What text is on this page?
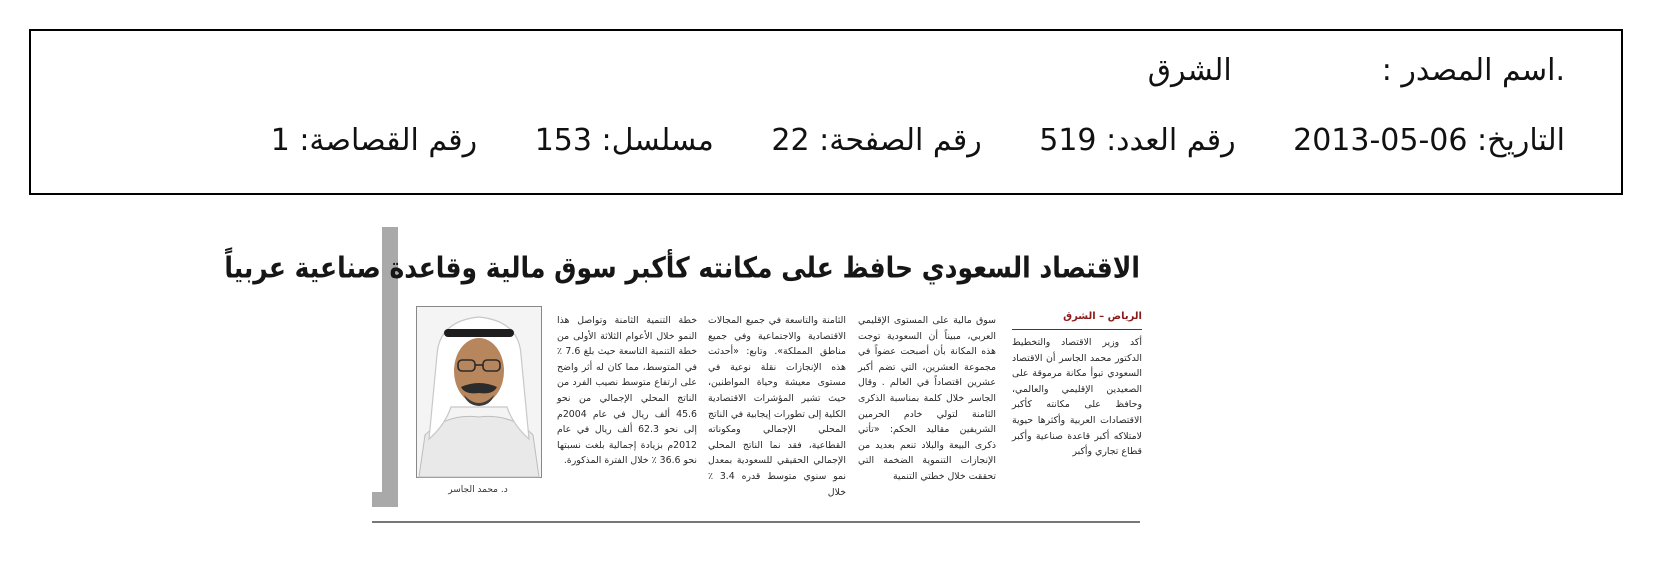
.اسم المصدر :الشرق
التاريخ: 2013-05-06 رقم العدد: 519 رقم الصفحة: 22 مسلسل: 153 رقم القصاصة: 1
الاقتصاد السعودي حافظ على مكانته كأكبر سوق مالية وقاعدة صناعية عربياً
الرياض – الشرق
أكد وزير الاقتصاد والتخطيط الدكتور محمد الجاسر أن الاقتصاد السعودي تبوأ مكانة مرموقة على الصعيدين الإقليمي والعالمي، وحافظ على مكانته كأكبر الاقتصادات العربية وأكثرها حيوية لامتلاكه أكبر قاعدة صناعية وأكبر قطاع تجاري وأكبر
سوق مالية على المستوى الإقليمي العربي، مبيناً أن السعودية توجت هذه المكانة بأن أصبحت عضواً في مجموعة العشرين، التي تضم أكبر عشرين اقتصاداً في العالم . وقال الجاسر خلال كلمة بمناسبة الذكرى الثامنة لتولي خادم الحرمين الشريفين مقاليد الحكم: «تأتي ذكرى البيعة والبلاد تنعم بعديد من الإنجازات التنموية الضخمة التي تحققت خلال خطتي التنمية
الثامنة والتاسعة في جميع المجالات الاقتصادية والاجتماعية وفي جميع مناطق المملكة». وتابع: «أحدثت هذه الإنجازات نقلة نوعية في مستوى معيشة وحياة المواطنين، حيث تشير المؤشرات الاقتصادية الكلية إلى تطورات إيجابية في الناتج المحلي الإجمالي ومكوناته القطاعية، فقد نما الناتج المحلي الإجمالي الحقيقي للسعودية بمعدل نمو سنوي متوسط قدره 3.4 ٪ خلال
خطة التنمية الثامنة وتواصل هذا النمو خلال الأعوام الثلاثة الأولى من خطة التنمية التاسعة حيث بلغ 7.6 ٪ في المتوسط، مما كان له أثر واضح على ارتفاع متوسط نصيب الفرد من الناتج المحلي الإجمالي من نحو 45.6 ألف ريال في عام 2004م إلى نحو 62.3 ألف ريال في عام 2012م بزيادة إجمالية بلغت نسبتها نحو 36.6 ٪ خلال الفترة المذكورة.
د. محمد الجاسر
